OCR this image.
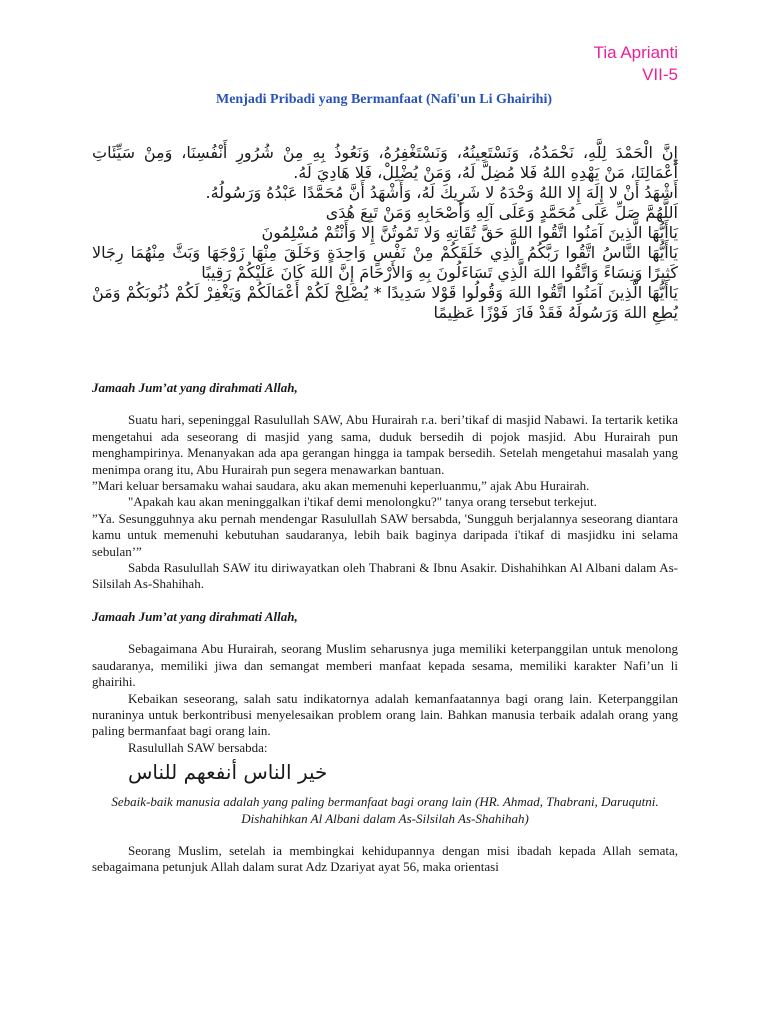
Tia Aprianti
VII-5
Menjadi Pribadi yang Bermanfaat (Nafi'un Li Ghairihi)

إِنَّ الْحَمْدَ لِلَّهِ، نَحْمَدُهُ، وَنَسْتَعِينُهُ، وَنَسْتَغْفِرُهُ، وَنَعُوذُ بِهِ مِنْ شُرُورِ أَنْفُسِنَا، وَمِنْ سَيِّئَاتِ أَعْمَالِنَا، مَنْ يَهْدِهِ اللهُ فَلا مُضِلَّ لَهُ، وَمَنْ يُضْلِلْ، فَلا هَادِيَ لَهُ.

أَشْهَدُ أَنْ لا إِلَهَ إِلا اللهُ وَحْدَهُ لا شَرِيكَ لَهُ، وَأَشْهَدُ أَنَّ مُحَمَّدًا عَبْدُهُ وَرَسُولُهُ.

اَللَّهُمَّ صَلِّ عَلَى مُحَمَّدٍ وَعَلَى آلِهِ وَأَصْحَابِهِ وَمَنْ تَبِعَ هُدَى

يَاأَيُّهَا الَّذِينَ آمَنُوا اتَّقُوا اللهَ حَقَّ تُقَاتِهِ وَلا تَمُوتُنَّ إِلا وَأَنْتُمْ مُسْلِمُونَ

يَاأَيُّهَا النَّاسُ اتَّقُوا رَبَّكُمُ الَّذِي خَلَقَكُمْ مِنْ نَفْسٍ وَاحِدَةٍ وَخَلَقَ مِنْهَا زَوْجَهَا وَبَثَّ مِنْهُمَا رِجَالا كَثِيرًا وَنِسَاءً وَاتَّقُوا اللهَ الَّذِي تَسَاءَلُونَ بِهِ وَالأَرْحَامَ إِنَّ اللهَ كَانَ عَلَيْكُمْ رَقِيبًا

يَاأَيُّهَا الَّذِينَ آمَنُوا اتَّقُوا اللهَ وَقُولُوا قَوْلا سَدِيدًا * يُصْلِحْ لَكُمْ أَعْمَالَكُمْ وَيَغْفِرْ لَكُمْ ذُنُوبَكُمْ وَمَنْ يُطِعِ اللهَ وَرَسُولَهُ فَقَدْ فَازَ فَوْزًا عَظِيمًا

Jamaah Jum’at yang dirahmati Allah,

Suatu hari, sepeninggal Rasulullah SAW, Abu Hurairah r.a. beri’tikaf di masjid Nabawi. Ia tertarik ketika mengetahui ada seseorang di masjid yang sama, duduk bersedih di pojok masjid. Abu Hurairah pun menghampirinya. Menanyakan ada apa gerangan hingga ia tampak bersedih. Setelah mengetahui masalah yang menimpa orang itu, Abu Hurairah pun segera menawarkan bantuan.

”Mari keluar bersamaku wahai saudara, aku akan memenuhi keperluanmu,” ajak Abu Hurairah.

"Apakah kau akan meninggalkan i'tikaf demi menolongku?" tanya orang tersebut terkejut.

”Ya. Sesungguhnya aku pernah mendengar Rasulullah SAW bersabda, 'Sungguh berjalannya seseorang diantara kamu untuk memenuhi kebutuhan saudaranya, lebih baik baginya daripada i'tikaf di masjidku ini selama sebulan’”

Sabda Rasulullah SAW itu diriwayatkan oleh Thabrani & Ibnu Asakir. Dishahihkan Al Albani dalam As-Silsilah As-Shahihah.

Jamaah Jum’at yang dirahmati Allah,

Sebagaimana Abu Hurairah, seorang Muslim seharusnya juga memiliki keterpanggilan untuk menolong saudaranya, memiliki jiwa dan semangat memberi manfaat kepada sesama, memiliki karakter Nafi’un li ghairihi.

Kebaikan seseorang, salah satu indikatornya adalah kemanfaatannya bagi orang lain. Keterpanggilan nuraninya untuk berkontribusi menyelesaikan problem orang lain. Bahkan manusia terbaik adalah orang yang paling bermanfaat bagi orang lain.

Rasulullah SAW bersabda:

خير الناس أنفعهم للناس

Sebaik-baik manusia adalah yang paling bermanfaat bagi orang lain (HR. Ahmad, Thabrani, Daruqutni. Dishahihkan Al Albani dalam As-Silsilah As-Shahihah)

Seorang Muslim, setelah ia membingkai kehidupannya dengan misi ibadah kepada Allah semata, sebagaimana petunjuk Allah dalam surat Adz Dzariyat ayat 56, maka orientasi
